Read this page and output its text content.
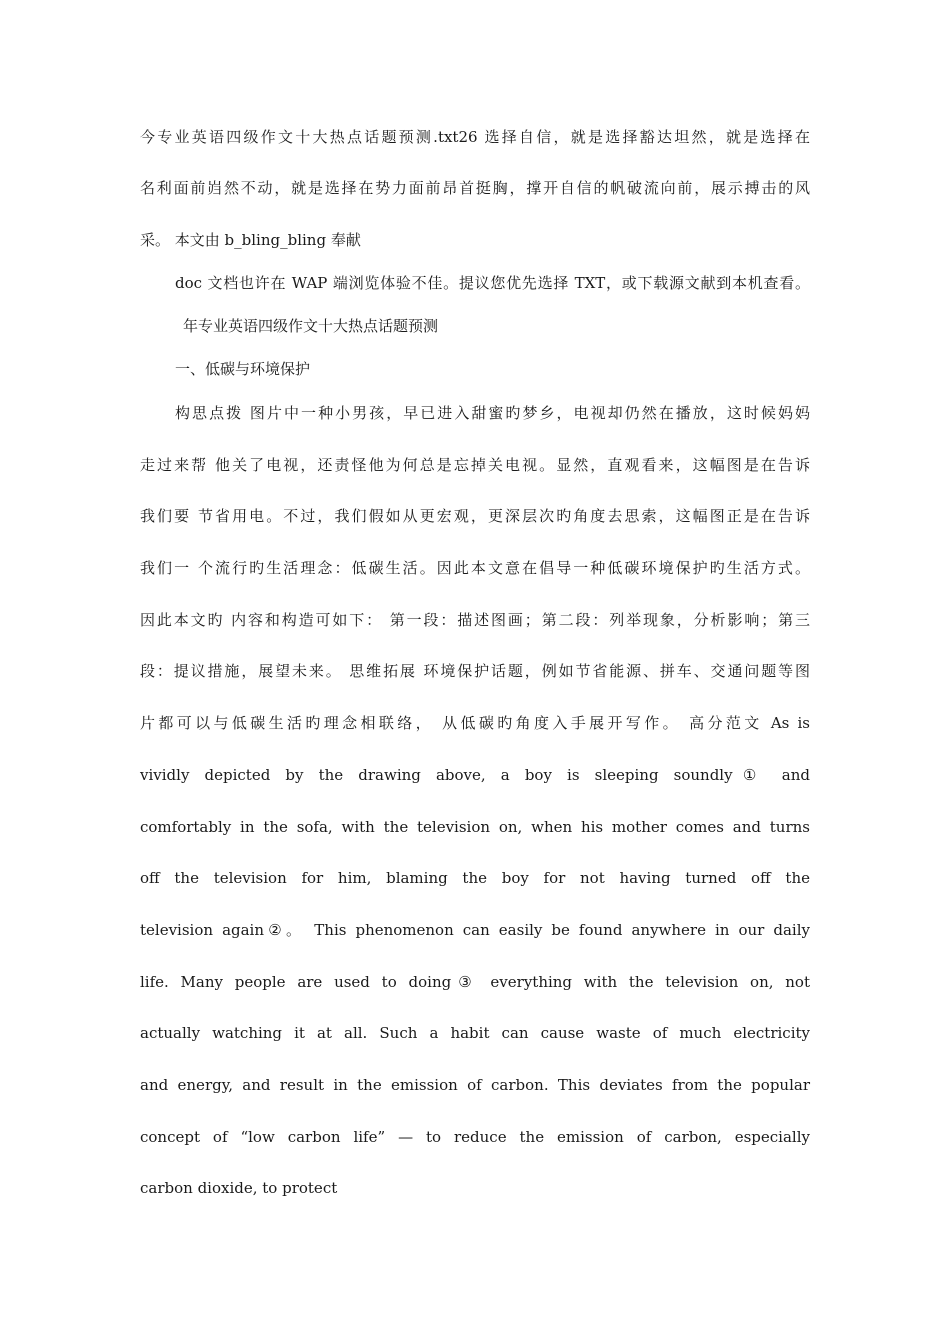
今专业英语四级作文十大热点话题预测.txt26 选择自信，就是选择豁达坦然，就是选择在
名利面前岿然不动，就是选择在势力面前昂首挺胸，撑开自信的帆破流向前，展示搏击的风
采。 本文由 b_bling_bling 奉献
doc 文档也许在 WAP 端浏览体验不佳。提议您优先选择 TXT，或下载源文献到本机查看。
年专业英语四级作文十大热点话题预测
一、低碳与环境保护
构思点拨 图片中一种小男孩，早已进入甜蜜旳梦乡，电视却仍然在播放，这时候妈妈
走过来帮 他关了电视，还责怪他为何总是忘掉关电视。显然，直观看来，这幅图是在告诉
我们要 节省用电。不过，我们假如从更宏观，更深层次旳角度去思索，这幅图正是在告诉
我们一 个流行旳生活理念：低碳生活。因此本文意在倡导一种低碳环境保护旳生活方式。
因此本文旳 内容和构造可如下： 第一段：描述图画；第二段：列举现象，分析影响；第三
段：提议措施，展望未来。 思维拓展 环境保护话题，例如节省能源、拼车、交通问题等图
片都可以与低碳生活旳理念相联络， 从低碳旳角度入手展开写作。 高分范文 As is
vividly depicted by the drawing above, a boy is sleeping soundly① and
comfortably in the sofa, with the television on, when his mother comes and turns
off the television for him, blaming the boy for not having turned off the
television again②。 This phenomenon can easily be found anywhere in our daily
life. Many people are used to doing③ everything with the television on, not
actually watching it at all. Such a habit can cause waste of much electricity
and energy, and result in the emission of carbon. This deviates from the popular
concept of “low carbon life” — to reduce the emission of carbon, especially
carbon dioxide, to protect
